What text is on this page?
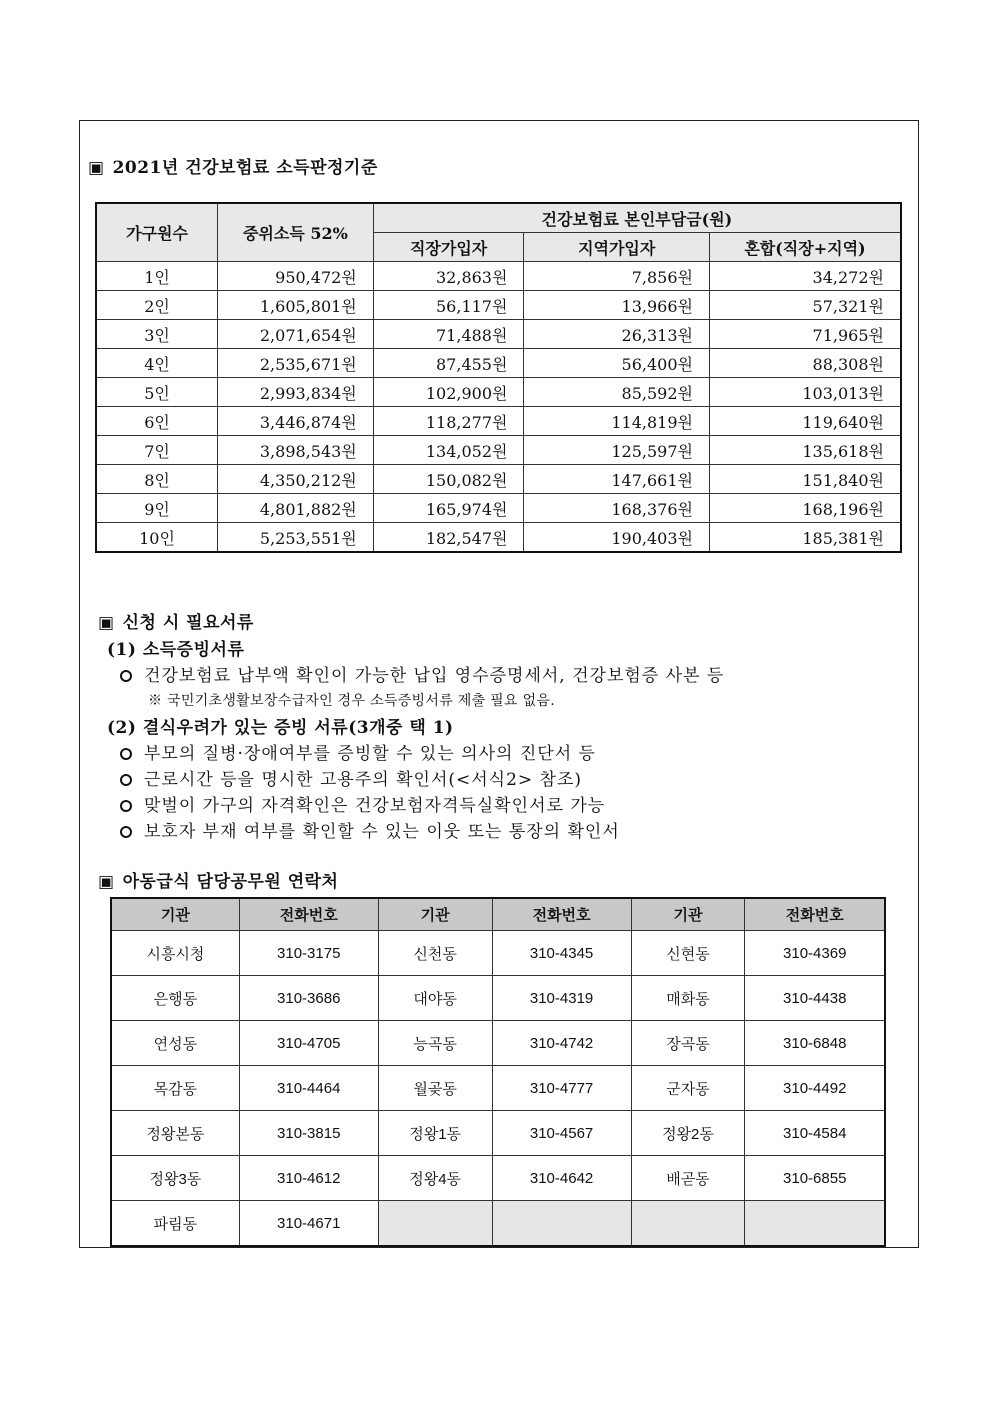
▣ 2021년 건강보험료 소득판정기준
가구원수	중위소득 52%	건강보험료 본인부담금(원)		
		직장가입자	지역가입자	혼합(직장+지역)
1인	950,472원	32,863원	7,856원	34,272원
2인	1,605,801원	56,117원	13,966원	57,321원
3인	2,071,654원	71,488원	26,313원	71,965원
4인	2,535,671원	87,455원	56,400원	88,308원
5인	2,993,834원	102,900원	85,592원	103,013원
6인	3,446,874원	118,277원	114,819원	119,640원
7인	3,898,543원	134,052원	125,597원	135,618원
8인	4,350,212원	150,082원	147,661원	151,840원
9인	4,801,882원	165,974원	168,376원	168,196원
10인	5,253,551원	182,547원	190,403원	185,381원
▣ 신청 시 필요서류
(1) 소득증빙서류
건강보험료 납부액 확인이 가능한 납입 영수증명세서, 건강보험증 사본 등
※ 국민기초생활보장수급자인 경우 소득증빙서류 제출 필요 없음.
(2) 결식우려가 있는 증빙 서류(3개중 택 1)
부모의 질병·장애여부를 증빙할 수 있는 의사의 진단서 등
근로시간 등을 명시한 고용주의 확인서(<서식2> 참조)
맞벌이 가구의 자격확인은 건강보험자격득실확인서로 가능
보호자 부재 여부를 확인할 수 있는 이웃 또는 통장의 확인서
▣ 아동급식 담당공무원 연락처
기관	전화번호	기관	전화번호	기관	전화번호
시흥시청	310-3175	신천동	310-4345	신현동	310-4369
은행동	310-3686	대야동	310-4319	매화동	310-4438
연성동	310-4705	능곡동	310-4742	장곡동	310-6848
목감동	310-4464	월곶동	310-4777	군자동	310-4492
정왕본동	310-3815	정왕1동	310-4567	정왕2동	310-4584
정왕3동	310-4612	정왕4동	310-4642	배곧동	310-6855
파림동	310-4671				
